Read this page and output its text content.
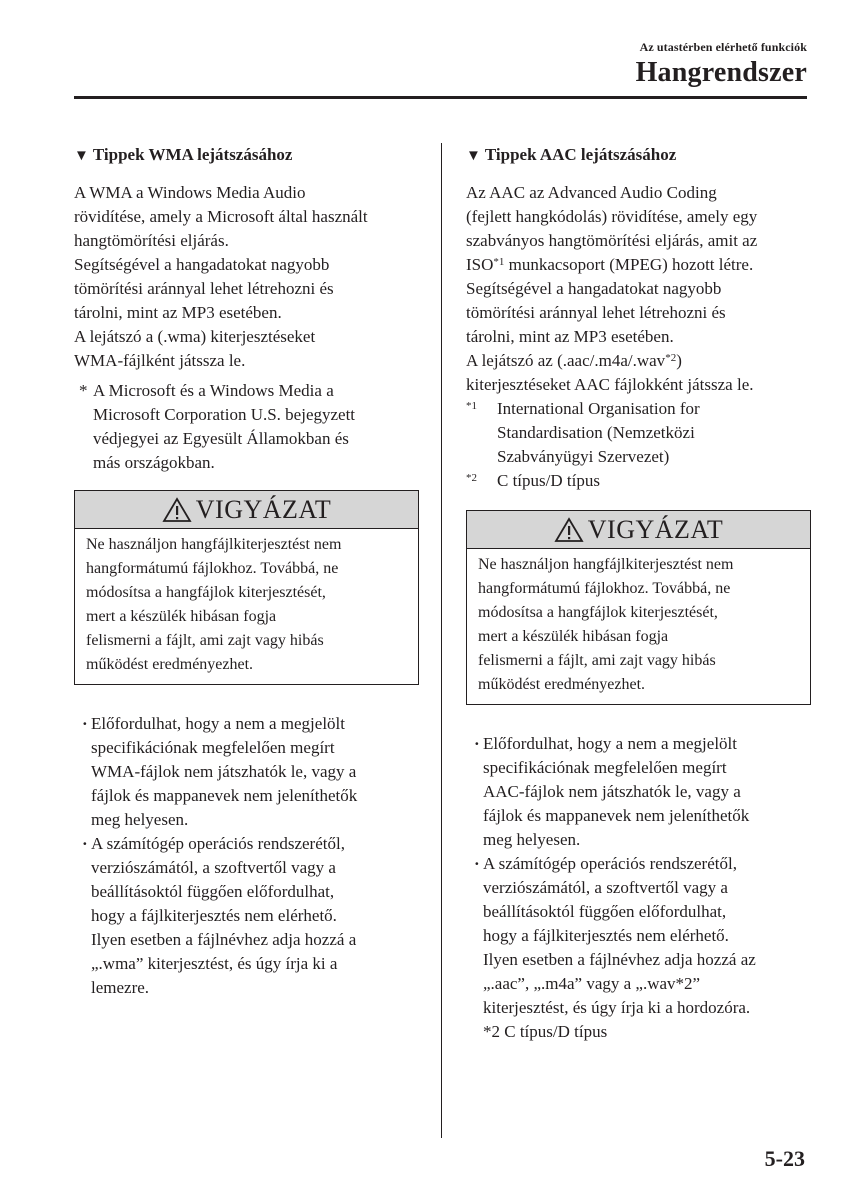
Az utastérben elérhető funkciók
Hangrendszer
▼ Tippek WMA lejátszásához
A WMA a Windows Media Audio
rövidítése, amely a Microsoft által használt
hangtömörítési eljárás.
Segítségével a hangadatokat nagyobb
tömörítési aránnyal lehet létrehozni és
tárolni, mint az MP3 esetében.
A lejátszó a (.wma) kiterjesztéseket
WMA-fájlként játssza le.
* A Microsoft és a Windows Media a
Microsoft Corporation U.S. bejegyzett
védjegyei az Egyesült Államokban és
más országokban.
VIGYÁZAT
Ne használjon hangfájlkiterjesztést nem
hangformátumú fájlokhoz. Továbbá, ne
módosítsa a hangfájlok kiterjesztését,
mert a készülék hibásan fogja
felismerni a fájlt, ami zajt vagy hibás
működést eredményezhet.
· Előfordulhat, hogy a nem a megjelölt
specifikációnak megfelelően megírt
WMA-fájlok nem játszhatók le, vagy a
fájlok és mappanevek nem jeleníthetők
meg helyesen.
· A számítógép operációs rendszerétől,
verziószámától, a szoftvertől vagy a
beállításoktól függően előfordulhat,
hogy a fájlkiterjesztés nem elérhető.
Ilyen esetben a fájlnévhez adja hozzá a
„.wma” kiterjesztést, és úgy írja ki a
lemezre.
▼ Tippek AAC lejátszásához
Az AAC az Advanced Audio Coding
(fejlett hangkódolás) rövidítése, amely egy
szabványos hangtömörítési eljárás, amit az
ISO$^{*1}$ munkacsoport (MPEG) hozott létre.
Segítségével a hangadatokat nagyobb
tömörítési aránnyal lehet létrehozni és
tárolni, mint az MP3 esetében.
A lejátszó az (.aac/.m4a/.wav$^{*2}$)
kiterjesztéseket AAC fájlokként játssza le.
$^{*1}$ International Organisation for
Standardisation (Nemzetközi
Szabványügyi Szervezet)
$^{*2}$ C típus/D típus
VIGYÁZAT
Ne használjon hangfájlkiterjesztést nem
hangformátumú fájlokhoz. Továbbá, ne
módosítsa a hangfájlok kiterjesztését,
mert a készülék hibásan fogja
felismerni a fájlt, ami zajt vagy hibás
működést eredményezhet.
· Előfordulhat, hogy a nem a megjelölt
specifikációnak megfelelően megírt
AAC-fájlok nem játszhatók le, vagy a
fájlok és mappanevek nem jeleníthetők
meg helyesen.
· A számítógép operációs rendszerétől,
verziószámától, a szoftvertől vagy a
beállításoktól függően előfordulhat,
hogy a fájlkiterjesztés nem elérhető.
Ilyen esetben a fájlnévhez adja hozzá az
„.aac”, „.m4a” vagy a „.wav*2”
kiterjesztést, és úgy írja ki a hordozóra.
*2 C típus/D típus
5-23
